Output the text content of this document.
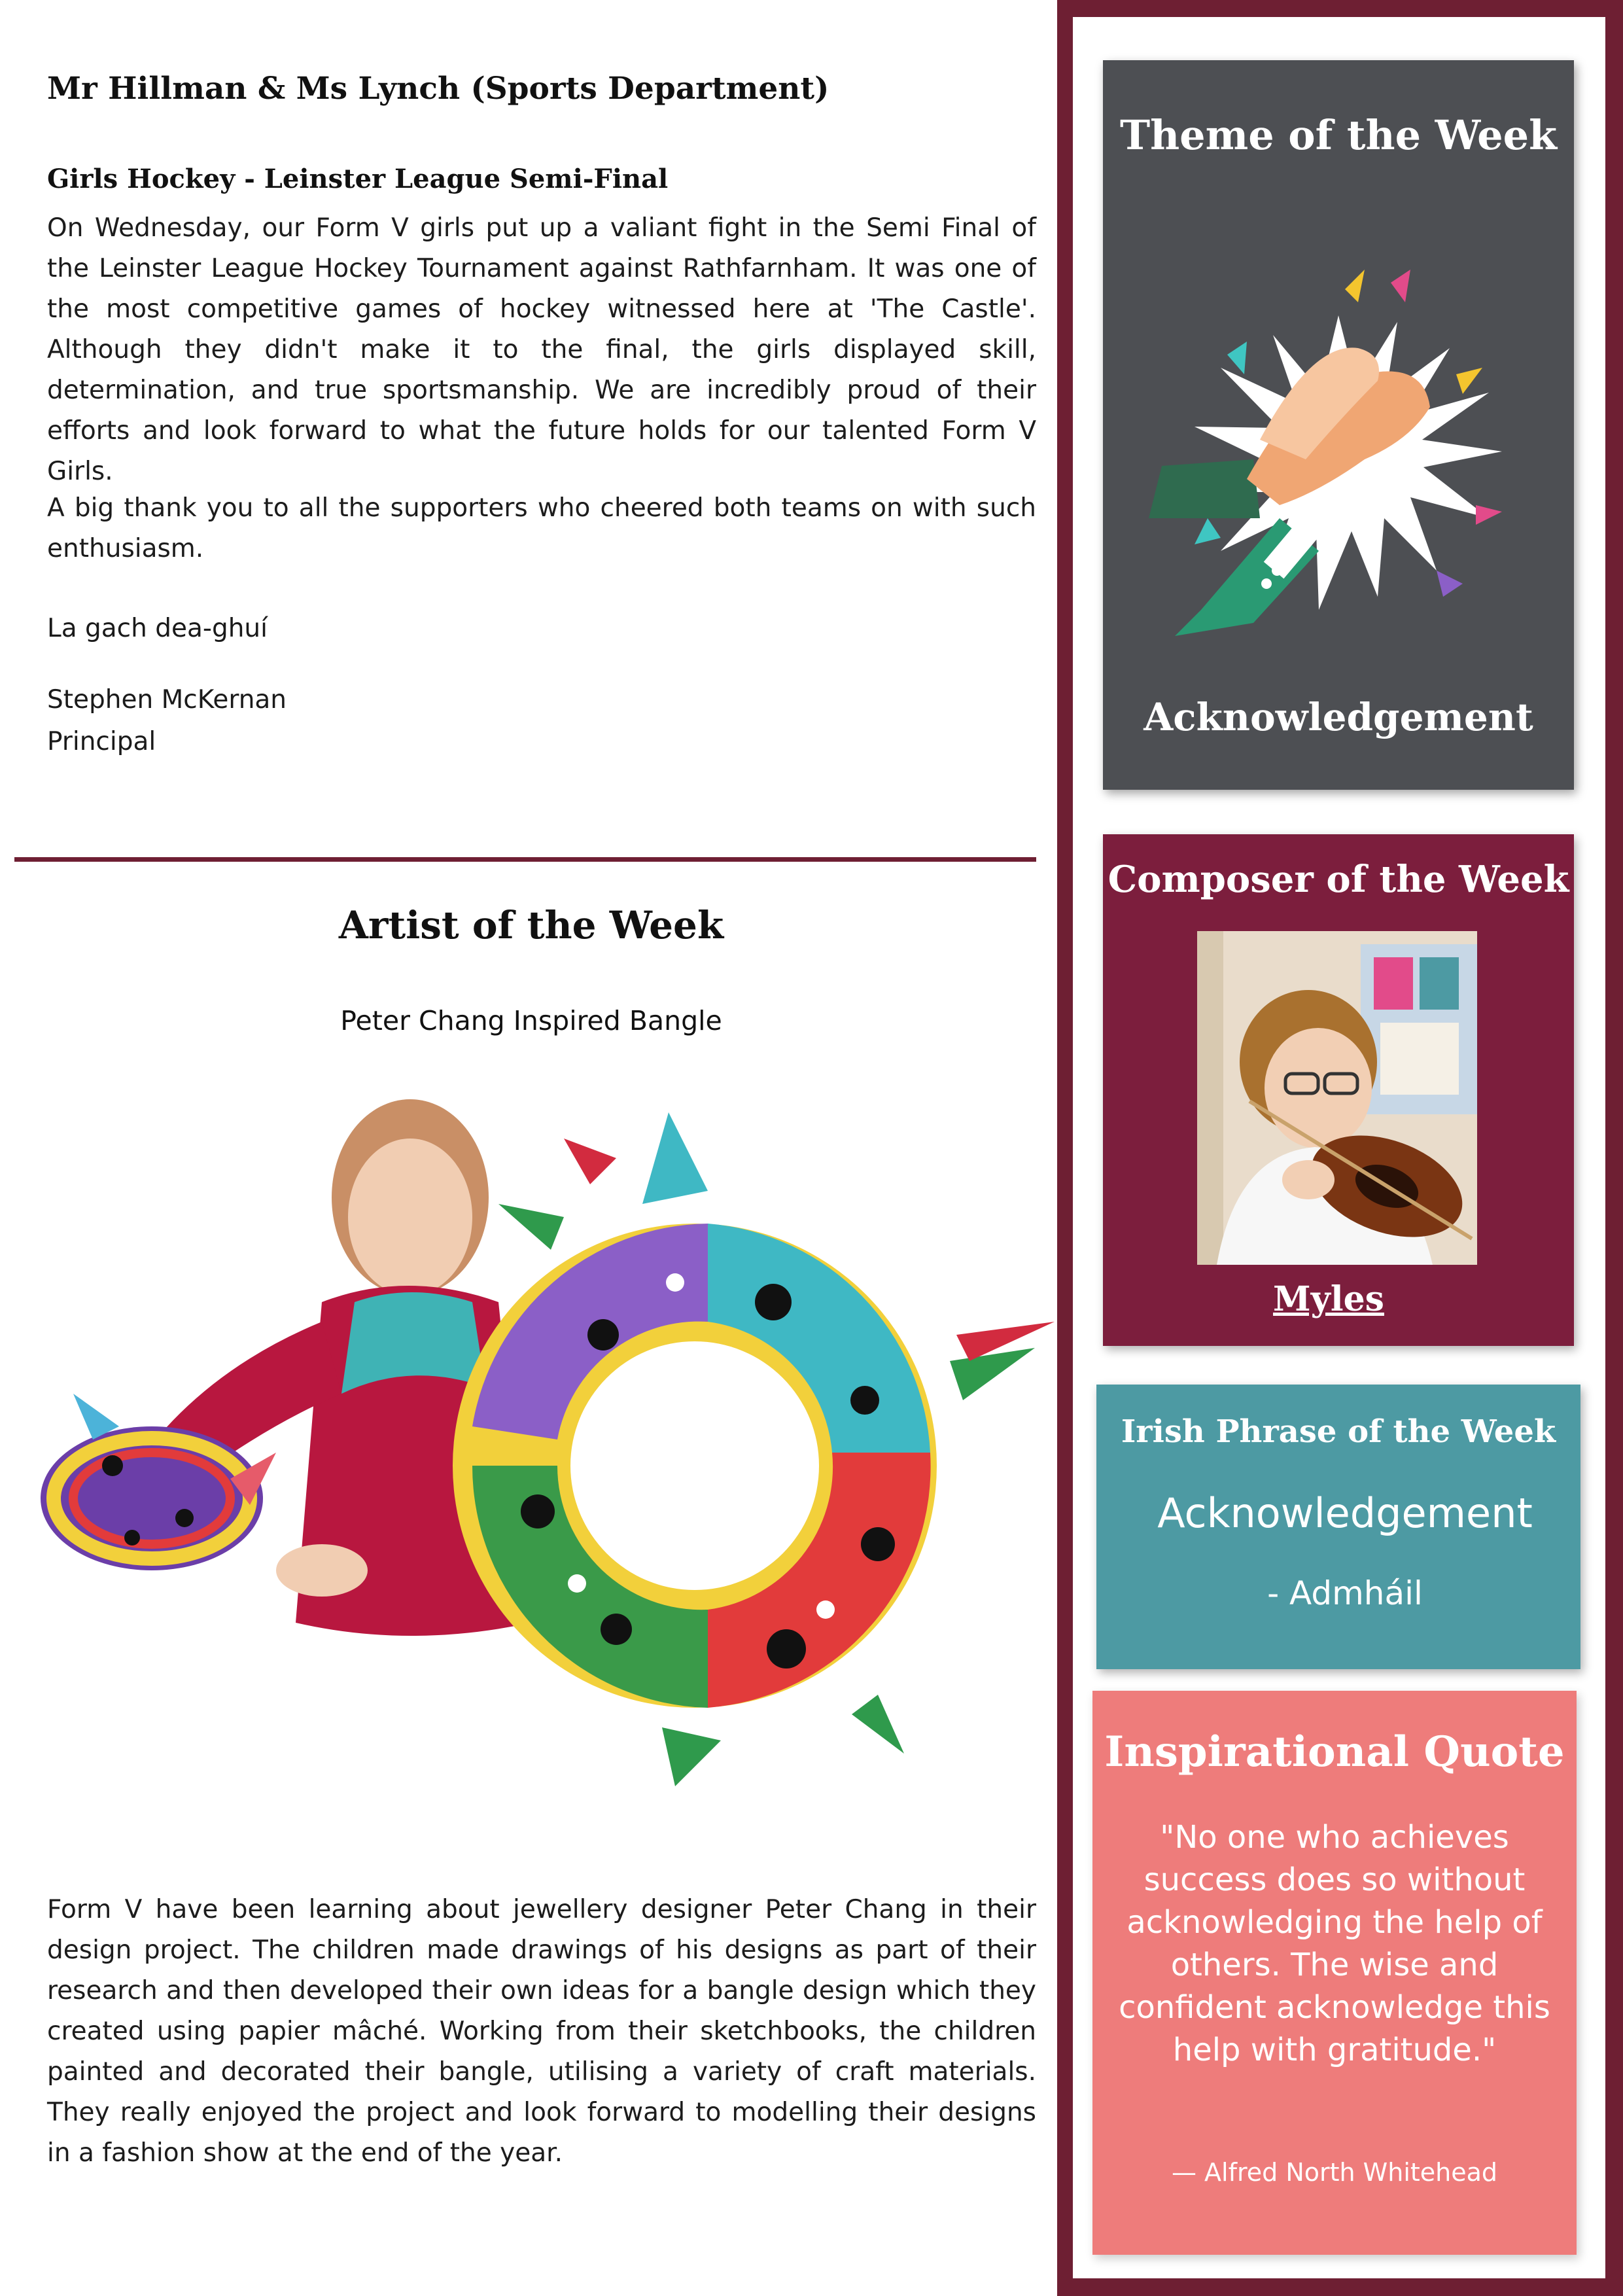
Mr Hillman & Ms Lynch (Sports Department)
Girls Hockey - Leinster League Semi-Final

On Wednesday, our Form V girls put up a valiant fight in the Semi Final of the Leinster League Hockey Tournament against Rathfarnham. It was one of the most competitive games of hockey witnessed here at 'The Castle'. Although they didn't make it to the final, the girls displayed skill, determination, and true sportsmanship. We are incredibly proud of their efforts and look forward to what the future holds for our talented Form V Girls.

A big thank you to all the supporters who cheered both teams on with such enthusiasm.

La gach dea-ghuí
Stephen McKernan
Principal
Artist of the Week
Peter Chang Inspired Bangle

Form V have been learning about jewellery designer Peter Chang in their design project. The children made drawings of his designs as part of their research and then developed their own ideas for a bangle design which they created using papier mâché. Working from their sketchbooks, the children painted and decorated their bangle, utilising a variety of craft materials. They really enjoyed the project and look forward to modelling their designs in a fashion show at the end of the year.

Theme of the Week
Acknowledgement
Composer of the Week
Myles
Irish Phrase of the Week
Acknowledgement
- Admháil
Inspirational Quote
"No one who achieves success does so without acknowledging the help of others. The wise and confident acknowledge this help with gratitude."
— Alfred North Whitehead
